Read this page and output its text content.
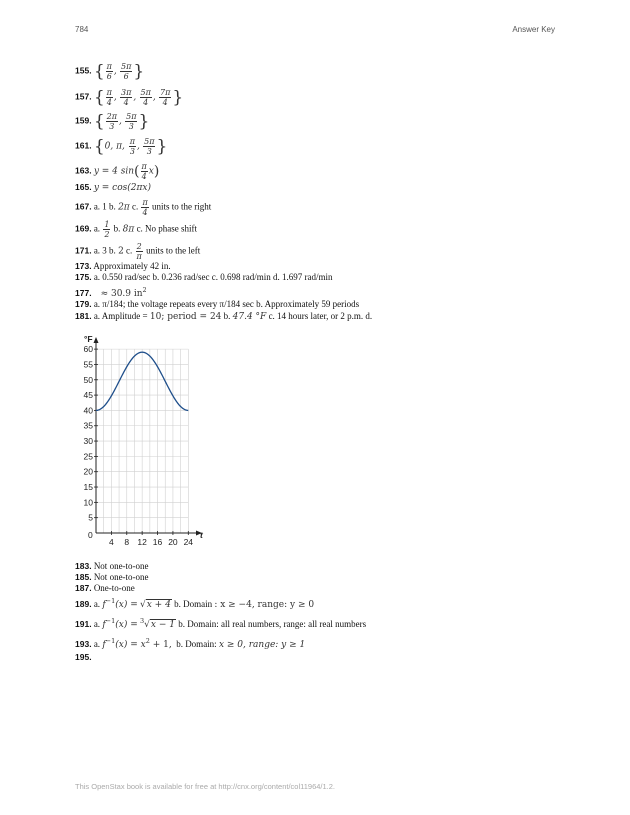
784	Answer Key
155. { $\frac{\pi}{6}$ , $\frac{5\pi}{6}$ }
157. { $\frac{\pi}{4}$ , $\frac{3\pi}{4}$ , $\frac{5\pi}{4}$ , $\frac{7\pi}{4}$ }
159. { $\frac{2\pi}{3}$ , $\frac{5\pi}{3}$ }
161. {0, π, $\frac{\pi}{3}$ , $\frac{5\pi}{3}$ }
163. y = 4 $\sin( \frac{\pi}{4} x)$
165. y = cos(2πx)
167. a. 1 b. 2π c. $\frac{\pi}{4}$ units to the right
169. a. $\frac{1}{2} b$. 8π c. No phase shift
171. a. 3 b. 2 c. $\frac{2}{\pi}$ units to the left
173. Approximately 42 in.
175. a. 0.550 rad/sec b. 0.236 rad/sec c. 0.698 rad/min d. 1.697 rad/min
177. ≈ 30.9 $in^2$
179. a. π/184; the voltage repeats every π/184 sec b. Approximately 59 periods
181. a. Amplitude = 10; period = 24 b. 47.4 °F c. 14 hours later, or 2 p.m. d.
°F
t
0
4 8 12 16 20 24
5
10
15
20
25
30
35
40
45
50
55
60
183. Not one-to-one
185. Not one-to-one
187. One-to-one
189. a. $f^{-1}(x) = √x + 4$ b. Domain : x ≥ −4, range: y ≥ 0
191. a. $f^{-1}(x) = ^3√x - 1$ b. Domain: all real numbers, range: all real numbers
193. a. $f^{-1}(x) = x^2 + 1$, b. Domain: x ≥ 0, range: y ≥ 1
195.
This OpenStax book is available for free at http://cnx.org/content/col11964/1.2.
